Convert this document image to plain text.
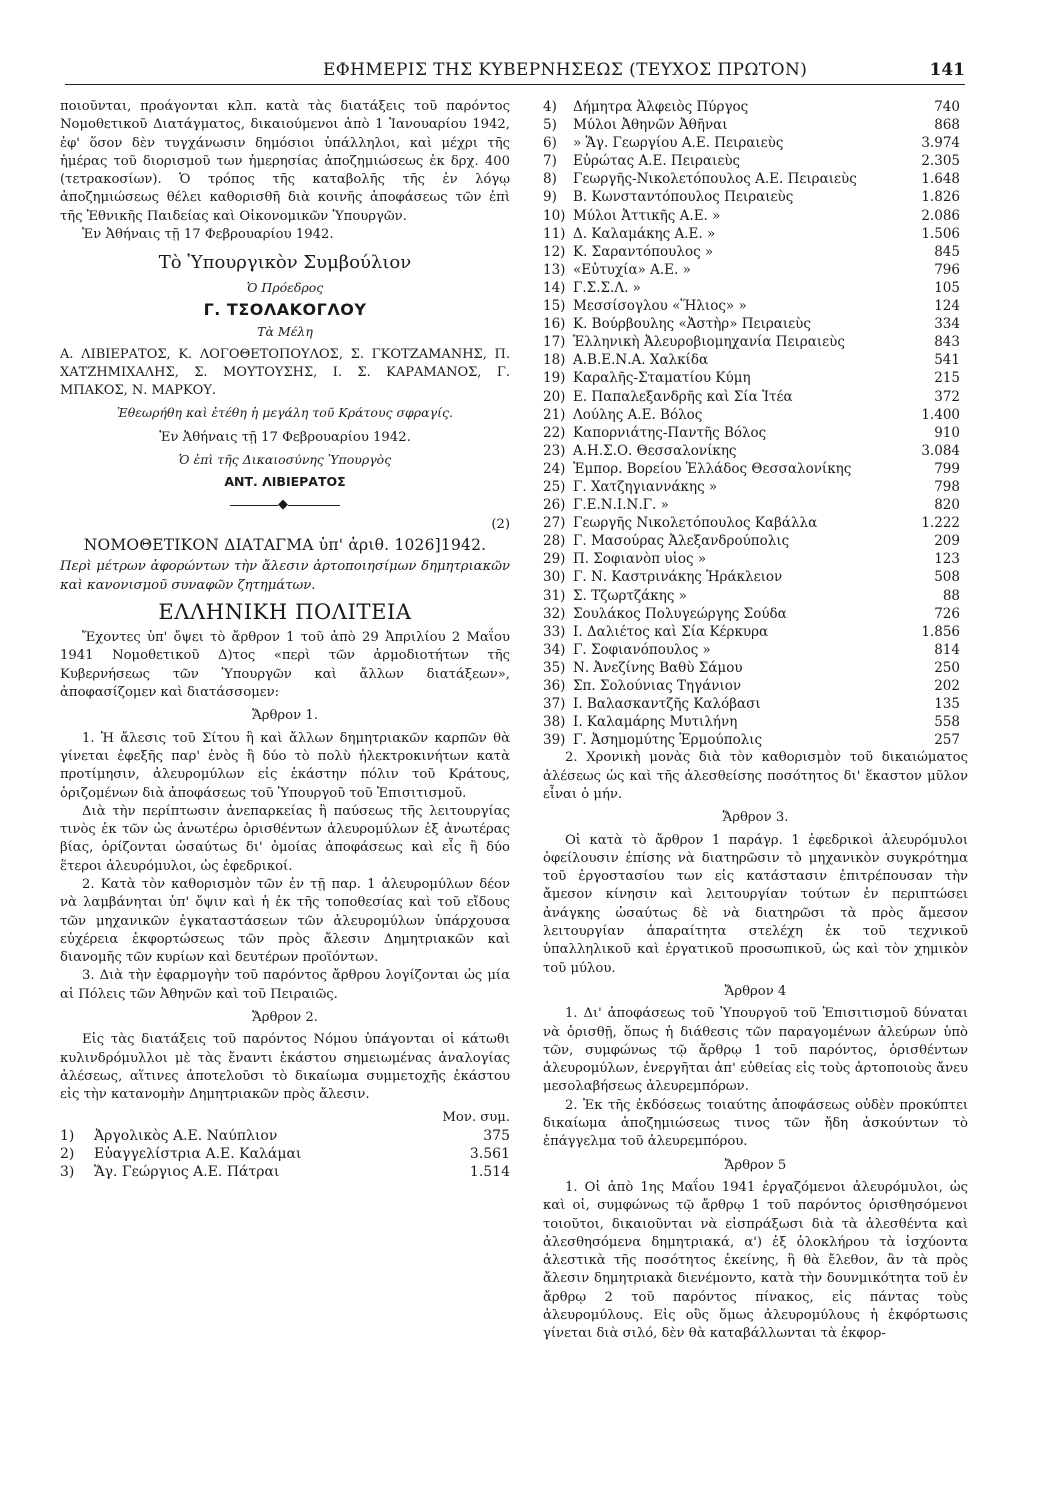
ΕΦΗΜΕΡΙΣ ΤΗΣ ΚΥΒΕΡΝΗΣΕΩΣ (ΤΕΥΧΟΣ ΠΡΩΤΟΝ)	141

ποιοῦνται, προάγονται κλπ. κατὰ τὰς διατάξεις τοῦ παρόντος Νομοθετικοῦ Διατάγματος, δικαιούμενοι ἀπὸ 1 Ἰανουαρίου 1942, ἐφ' ὅσον δὲν τυγχάνωσιν δημόσιοι ὑπάλληλοι, καὶ μέχρι τῆς ἡμέρας τοῦ διορισμοῦ των ἡμερησίας ἀποζημιώσεως ἐκ δρχ. 400 (τετρακοσίων). Ὁ τρόπος τῆς καταβολῆς τῆς ἐν λόγῳ ἀποζημιώσεως θέλει καθορισθῆ διὰ κοινῆς ἀποφάσεως τῶν ἐπὶ τῆς Ἐθνικῆς Παιδείας καὶ Οἰκονομικῶν Ὑπουργῶν.

Ἐν Ἀθήναις τῇ 17 Φεβρουαρίου 1942.

Τὸ Ὑπουργικὸν Συμβούλιον
Ὁ Πρόεδρος
Γ. ΤΣΟΛΑΚΟΓΛΟΥ
Τὰ Μέλη
Α. ΛΙΒΙΕΡΑΤΟΣ, Κ. ΛΟΓΟΘΕΤΟΠΟΥΛΟΣ, Σ. ΓΚΟΤΖΑΜΑΝΗΣ, Π. ΧΑΤΖΗΜΙΧΑΛΗΣ, Σ. ΜΟΥΤΟΥΣΗΣ, Ι. Σ. ΚΑΡΑΜΑΝΟΣ, Γ. ΜΠΑΚΟΣ, Ν. ΜΑΡΚΟΥ.
Ἐθεωρήθη καὶ ἐτέθη ἡ μεγάλη τοῦ Κράτους σφραγίς.
Ἐν Ἀθήναις τῇ 17 Φεβρουαρίου 1942.
Ὁ ἐπὶ τῆς Δικαιοσύνης Ὑπουργὸς
ΑΝΤ. ΛΙΒΙΕΡΑΤΟΣ
◆
(2)
ΝΟΜΟΘΕΤΙΚΟΝ ΔΙΑΤΑΓΜΑ ὑπ' ἀριθ. 1026]1942.
Περὶ μέτρων ἀφορώντων τὴν ἄλεσιν ἀρτοποιησίμων δημητριακῶν καὶ κανονισμοῦ συναφῶν ζητημάτων.
ΕΛΛΗΝΙΚΗ ΠΟΛΙΤΕΙΑ

Ἔχοντες ὑπ' ὄψει τὸ ἄρθρον 1 τοῦ ἀπὸ 29 Ἀπριλίου 2 Μαΐου 1941 Νομοθετικοῦ Δ)τος «περὶ τῶν ἁρμοδιοτήτων τῆς Κυβερνήσεως τῶν Ὑπουργῶν καὶ ἄλλων διατάξεων», ἀποφασίζομεν καὶ διατάσσομεν:

Ἄρθρον 1.

1. Ἡ ἄλεσις τοῦ Σίτου ἢ καὶ ἄλλων δημητριακῶν καρπῶν θὰ γίνεται ἐφεξῆς παρ' ἑνὸς ἢ δύο τὸ πολὺ ἠλεκτροκινήτων κατὰ προτίμησιν, ἀλευρομύλων εἰς ἑκάστην πόλιν τοῦ Κράτους, ὁριζομένων διὰ ἀποφάσεως τοῦ Ὑπουργοῦ τοῦ Ἐπισιτισμοῦ.

Διὰ τὴν περίπτωσιν ἀνεπαρκείας ἢ παύσεως τῆς λειτουργίας τινὸς ἐκ τῶν ὡς ἀνωτέρω ὁρισθέντων ἀλευρομύλων ἐξ ἀνωτέρας βίας, ὁρίζονται ὡσαύτως δι' ὁμοίας ἀποφάσεως καὶ εἷς ἢ δύο ἕτεροι ἀλευρόμυλοι, ὡς ἐφεδρικοί.

2. Κατὰ τὸν καθορισμὸν τῶν ἐν τῇ παρ. 1 ἀλευρομύλων δέον νὰ λαμβάνηται ὑπ' ὄψιν καὶ ἡ ἐκ τῆς τοποθεσίας καὶ τοῦ εἴδους τῶν μηχανικῶν ἐγκαταστάσεων τῶν ἀλευρομύλων ὑπάρχουσα εὐχέρεια ἐκφορτώσεως τῶν πρὸς ἄλεσιν Δημητριακῶν καὶ διανομῆς τῶν κυρίων καὶ δευτέρων προϊόντων.

3. Διὰ τὴν ἐφαρμογὴν τοῦ παρόντος ἄρθρου λογίζονται ὡς μία αἱ Πόλεις τῶν Ἀθηνῶν καὶ τοῦ Πειραιῶς.

Ἄρθρον 2.

Εἰς τὰς διατάξεις τοῦ παρόντος Νόμου ὑπάγονται οἱ κάτωθι κυλινδρόμυλλοι μὲ τὰς ἔναντι ἑκάστου σημειωμένας ἀναλογίας ἀλέσεως, αἵτινες ἀποτελοῦσι τὸ δικαίωμα συμμετοχῆς ἑκάστου εἰς τὴν κατανομὴν Δημητριακῶν πρὸς ἄλεσιν.

Μον. συμ.
1) Ἀργολικὸς Α.Ε. Ναύπλιον	375
2) Εὐαγγελίστρια Α.Ε. Καλάμαι	3.561
3) Ἅγ. Γεώργιος Α.Ε. Πάτραι	1.514
4) Δήμητρα Ἀλφειὸς Πύργος	740
5) Μύλοι Ἀθηνῶν Ἀθῆναι	868
6) » Ἅγ. Γεωργίου Α.Ε. Πειραιεὺς	3.974
7) Εὐρώτας Α.Ε. Πειραιεὺς	2.305
8) Γεωργῆς-Νικολετόπουλος Α.Ε. Πειραιεὺς	1.648
9) Β. Κωνσταντόπουλος Πειραιεὺς	1.826
10) Μύλοι Ἀττικῆς Α.Ε. »	2.086
11) Δ. Καλαμάκης Α.Ε. »	1.506
12) Κ. Σαραντόπουλος »	845
13) «Εὐτυχία» Α.Ε. »	796
14) Γ.Σ.Σ.Λ. »	105
15) Μεσσίσογλου «Ἥλιος» »	124
16) Κ. Βούρβουλης «Ἀστὴρ» Πειραιεὺς	334
17) Ἑλληνικὴ Ἀλευροβιομηχανία Πειραιεὺς	843
18) Α.Β.Ε.Ν.Α. Χαλκίδα	541
19) Καραλῆς-Σταματίου Κύμη	215
20) Ε. Παπαλεξανδρῆς καὶ Σία Ἰτέα	372
21) Λούλης Α.Ε. Βόλος	1.400
22) Καπορνιάτης-Παντῆς Βόλος	910
23) Α.Η.Σ.Ο. Θεσσαλονίκης	3.084
24) Ἐμπορ. Βορείου Ἑλλάδος Θεσσαλονίκης	799
25) Γ. Χατζηγιαννάκης »	798
26) Γ.Ε.Ν.Ι.Ν.Γ. »	820
27) Γεωργῆς Νικολετόπουλος Καβάλλα	1.222
28) Γ. Μασούρας Ἀλεξανδρούπολις	209
29) Π. Σοφιανὸπ υἱος »	123
30) Γ. Ν. Καστρινάκης Ἡράκλειον	508
31) Σ. Τζωρτζάκης »	88
32) Σουλάκος Πολυγεώργης Σούδα	726
33) Ι. Δαλιέτος καὶ Σία Κέρκυρα	1.856
34) Γ. Σοφιανόπουλος »	814
35) Ν. Ἀνεζίνης Βαθὺ Σάμου	250
36) Σπ. Σολούνιας Τηγάνιον	202
37) Ι. Βαλασκαντζῆς Καλόβασι	135
38) Ι. Καλαμάρης Μυτιλήνη	558
39) Γ. Ἀσημομύτης Ἑρμούπολις	257

2. Χρονικὴ μονὰς διὰ τὸν καθορισμὸν τοῦ δικαιώματος ἀλέσεως ὡς καὶ τῆς ἀλεσθείσης ποσότητος δι' ἕκαστον μῦλον εἶναι ὁ μήν.

Ἄρθρον 3.

Οἱ κατὰ τὸ ἄρθρον 1 παράγρ. 1 ἐφεδρικοὶ ἀλευρόμυλοι ὀφείλουσιν ἐπίσης νὰ διατηρῶσιν τὸ μηχανικὸν συγκρότημα τοῦ ἐργοστασίου των εἰς κατάστασιν ἐπιτρέπουσαν τὴν ἄμεσον κίνησιν καὶ λειτουργίαν τούτων ἐν περιπτώσει ἀνάγκης ὡσαύτως δὲ νὰ διατηρῶσι τὰ πρὸς ἄμεσον λειτουργίαν ἀπαραίτητα στελέχη ἐκ τοῦ τεχνικοῦ ὑπαλληλικοῦ καὶ ἐργατικοῦ προσωπικοῦ, ὡς καὶ τὸν χημικὸν τοῦ μύλου.

Ἄρθρον 4

1. Δι' ἀποφάσεως τοῦ Ὑπουργοῦ τοῦ Ἐπισιτισμοῦ δύναται νὰ ὁρισθῇ, ὅπως ἡ διάθεσις τῶν παραγομένων ἀλεύρων ὑπὸ τῶν, συμφώνως τῷ ἄρθρῳ 1 τοῦ παρόντος, ὁρισθέντων ἀλευρομύλων, ἐνεργῆται ἀπ' εὐθείας εἰς τοὺς ἀρτοποιοὺς ἄνευ μεσολαβήσεως ἀλευρεμπόρων.

2. Ἐκ τῆς ἐκδόσεως τοιαύτης ἀποφάσεως οὐδὲν προκύπτει δικαίωμα ἀποζημιώσεως τινος τῶν ἤδη ἀσκούντων τὸ ἐπάγγελμα τοῦ ἀλευρεμπόρου.

Ἄρθρον 5

1. Οἱ ἀπὸ 1ης Μαΐου 1941 ἐργαζόμενοι ἀλευρόμυλοι, ὡς καὶ οἱ, συμφώνως τῷ ἄρθρῳ 1 τοῦ παρόντος ὁρισθησόμενοι τοιοῦτοι, δικαιοῦνται νὰ εἰσπράξωσι διὰ τὰ ἀλεσθέντα καὶ ἀλεσθησόμενα δημητριακά, α') ἐξ ὁλοκλήρου τὰ ἰσχύοντα ἀλεστικὰ τῆς ποσότητος ἐκείνης, ἣ θὰ ἔλεθον, ἂν τὰ πρὸς ἄλεσιν δημητριακὰ διενέμοντο, κατὰ τὴν δουνμικότητα τοῦ ἐν ἄρθρῳ 2 τοῦ παρόντος πίνακος, εἰς πάντας τοὺς ἀλευρομύλους. Εἰς οὓς ὅμως ἀλευρομύλους ἡ ἐκφόρτωσις γίνεται διὰ σιλό, δὲν θὰ καταβάλλωνται τὰ ἐκφορ-
